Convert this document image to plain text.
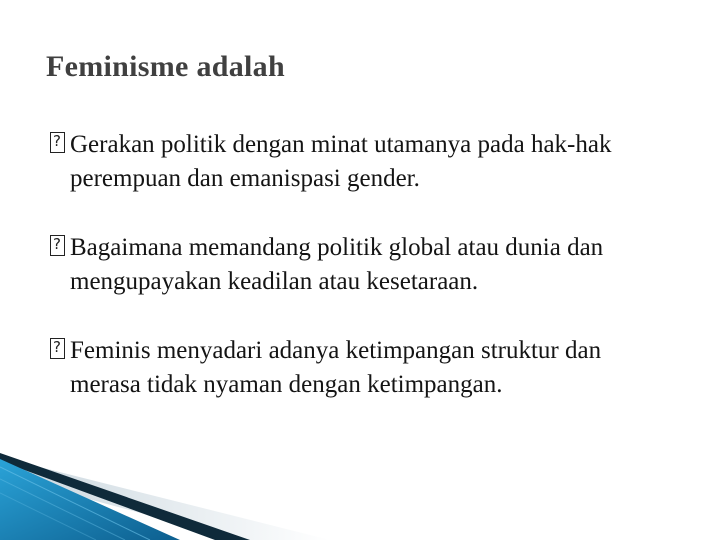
Feminisme adalah
?
Gerakan politik dengan minat utamanya pada hak-hak perempuan dan emanispasi gender.
?
Bagaimana memandang politik global atau dunia dan mengupayakan keadilan atau kesetaraan.
?
Feminis menyadari adanya ketimpangan struktur dan merasa tidak nyaman dengan ketimpangan.
